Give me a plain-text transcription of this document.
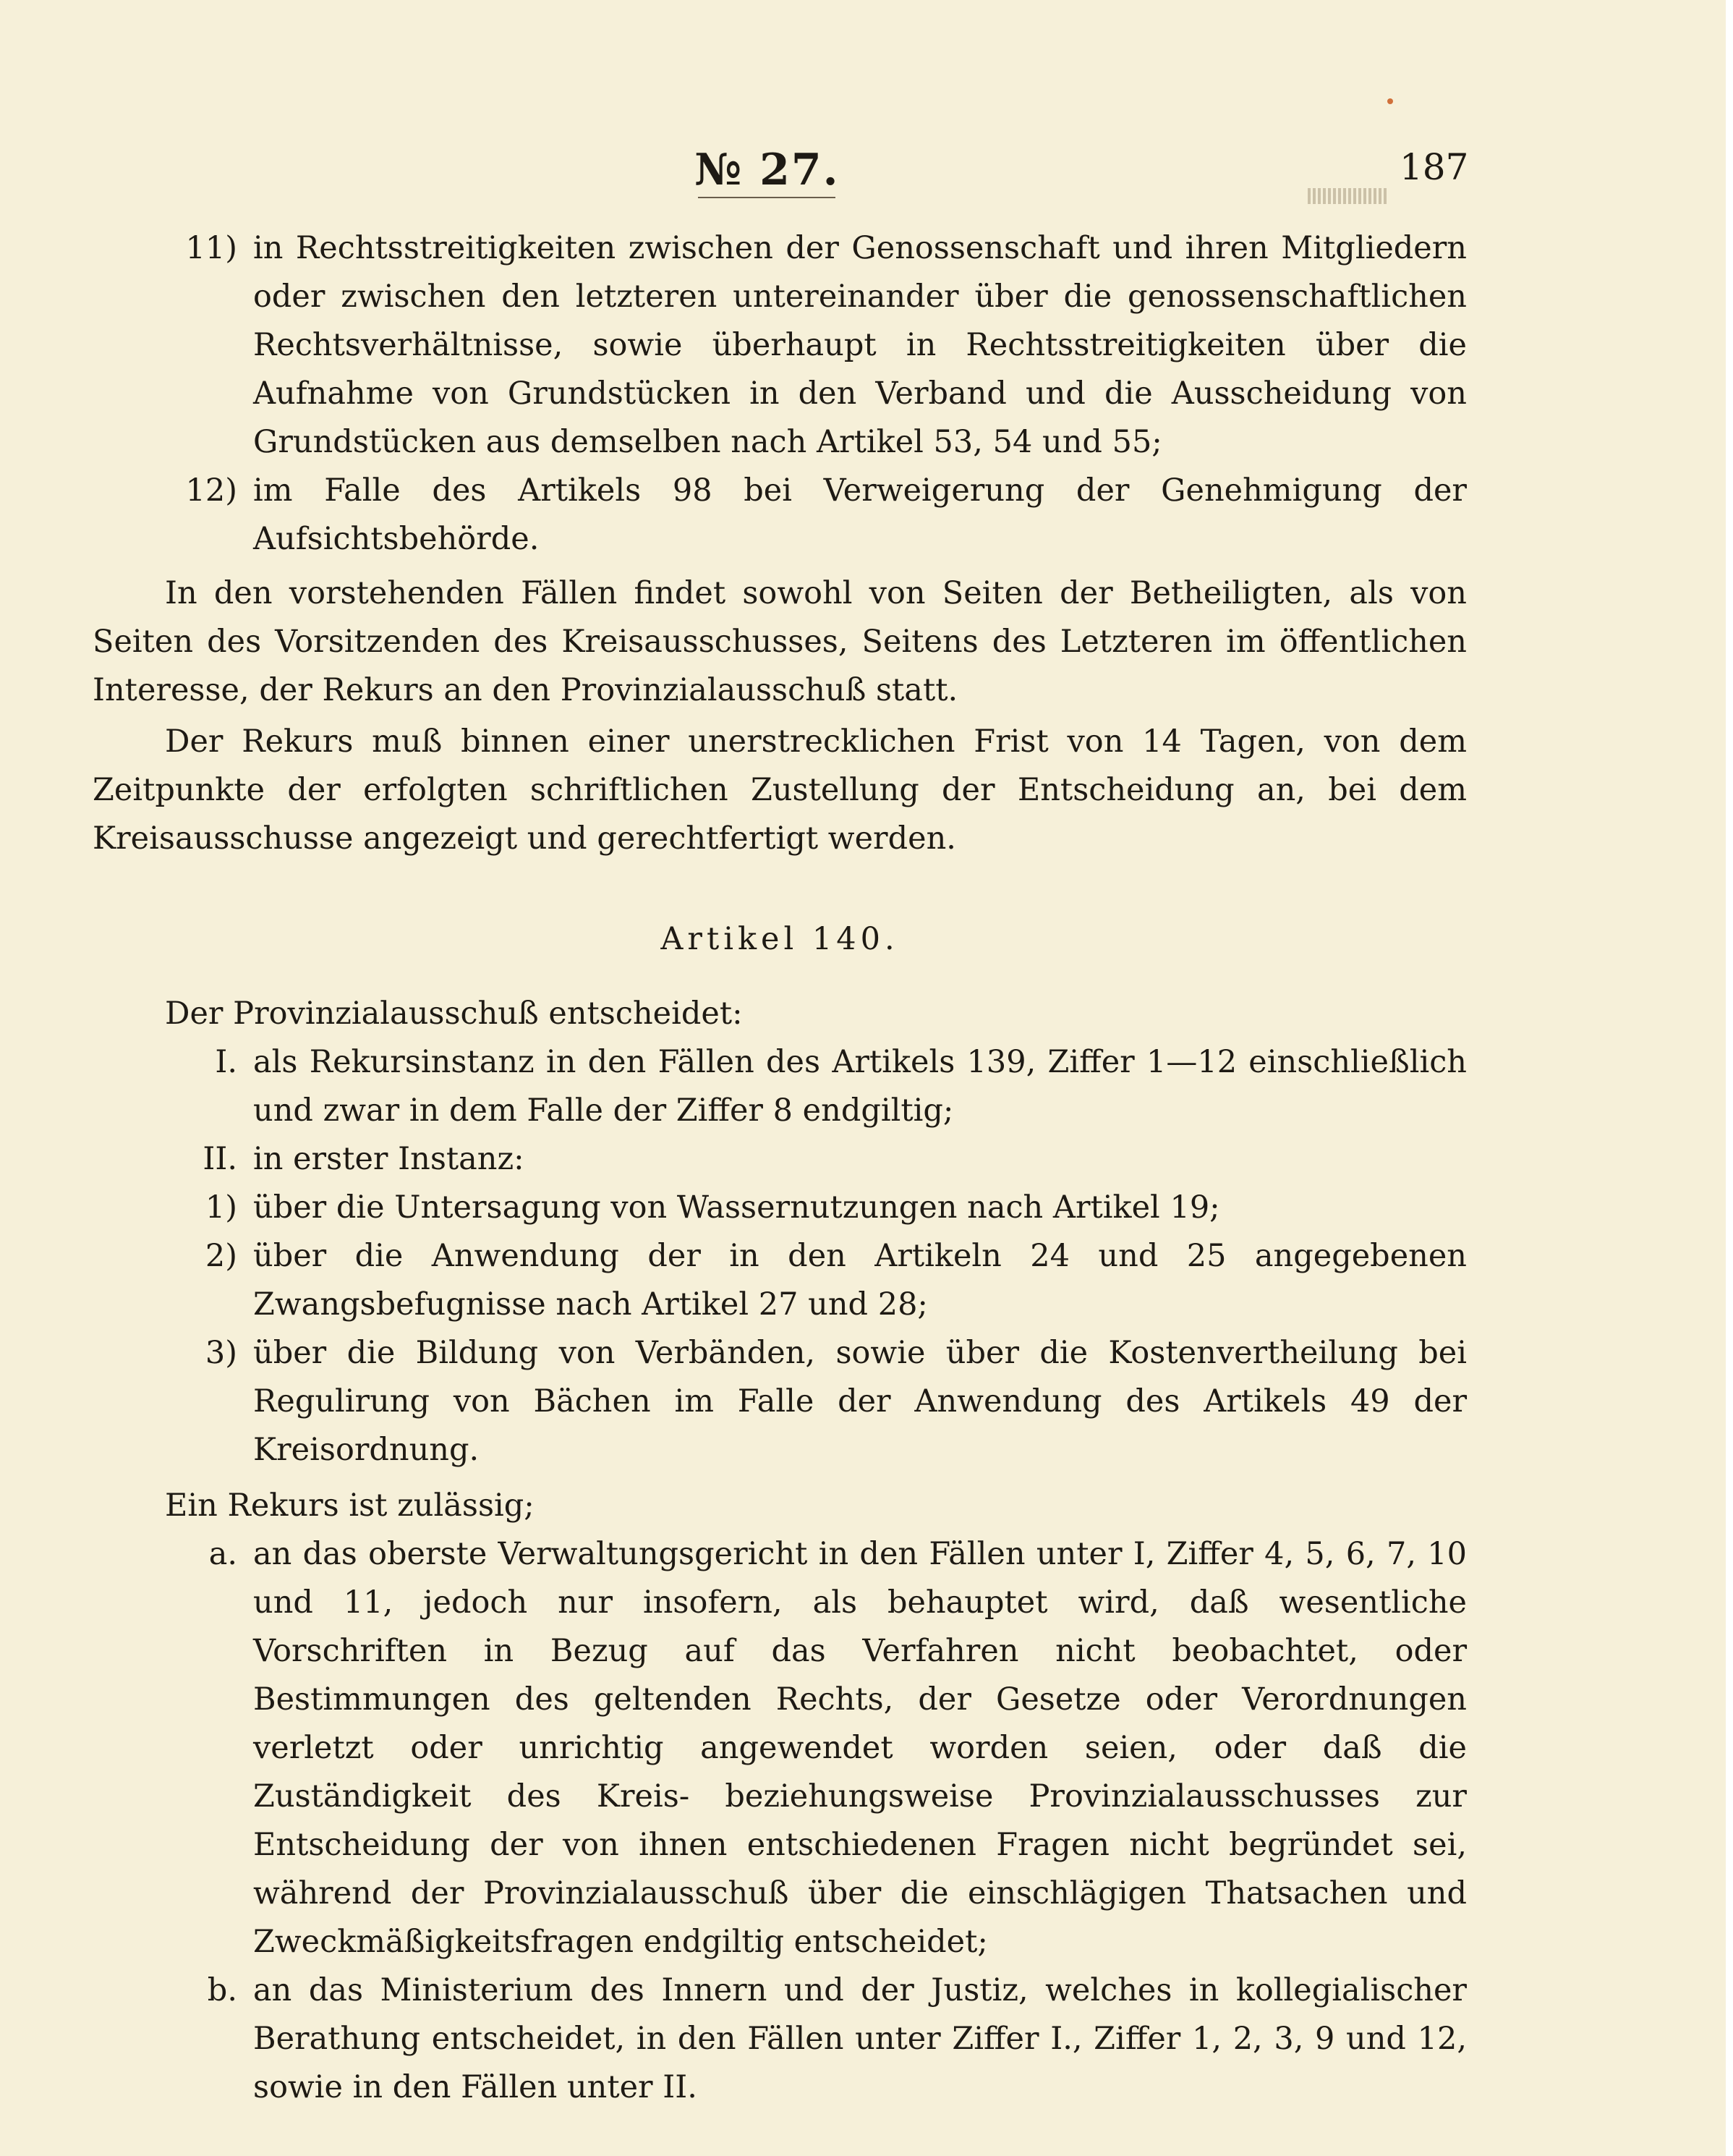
№ 27.	187
11) in Rechtsstreitigkeiten zwischen der Genossenschaft und ihren Mitgliedern oder zwischen den letzteren untereinander über die genossenschaftlichen Rechtsverhältnisse, sowie überhaupt in Rechtsstreitigkeiten über die Aufnahme von Grundstücken in den Verband und die Ausscheidung von Grundstücken aus demselben nach Artikel 53, 54 und 55;
12) im Falle des Artikels 98 bei Verweigerung der Genehmigung der Aufsichtsbehörde.

In den vorstehenden Fällen findet sowohl von Seiten der Betheiligten, als von Seiten des Vorsitzenden des Kreisausschusses, Seitens des Letzteren im öffentlichen Interesse, der Rekurs an den Provinzialausschuß statt.

Der Rekurs muß binnen einer unerstrecklichen Frist von 14 Tagen, von dem Zeitpunkte der erfolgten schriftlichen Zustellung der Entscheidung an, bei dem Kreisausschusse angezeigt und gerechtfertigt werden.

Artikel 140.

Der Provinzialausschuß entscheidet:

I. als Rekursinstanz in den Fällen des Artikels 139, Ziffer 1—12 einschließlich und zwar in dem Falle der Ziffer 8 endgiltig;
II. in erster Instanz:
1) über die Untersagung von Wassernutzungen nach Artikel 19;
2) über die Anwendung der in den Artikeln 24 und 25 angegebenen Zwangsbefugnisse nach Artikel 27 und 28;
3) über die Bildung von Verbänden, sowie über die Kostenvertheilung bei Regulirung von Bächen im Falle der Anwendung des Artikels 49 der Kreisordnung.

Ein Rekurs ist zulässig;

a. an das oberste Verwaltungsgericht in den Fällen unter I, Ziffer 4, 5, 6, 7, 10 und 11, jedoch nur insofern, als behauptet wird, daß wesentliche Vorschriften in Bezug auf das Verfahren nicht beobachtet, oder Bestimmungen des geltenden Rechts, der Gesetze oder Verordnungen verletzt oder unrichtig angewendet worden seien, oder daß die Zuständigkeit des Kreis- beziehungsweise Provinzialausschusses zur Entscheidung der von ihnen entschiedenen Fragen nicht begründet sei, während der Provinzialausschuß über die einschlägigen Thatsachen und Zweckmäßigkeitsfragen endgiltig entscheidet;
b. an das Ministerium des Innern und der Justiz, welches in kollegialischer Berathung entscheidet, in den Fällen unter Ziffer I., Ziffer 1, 2, 3, 9 und 12, sowie in den Fällen unter II.
